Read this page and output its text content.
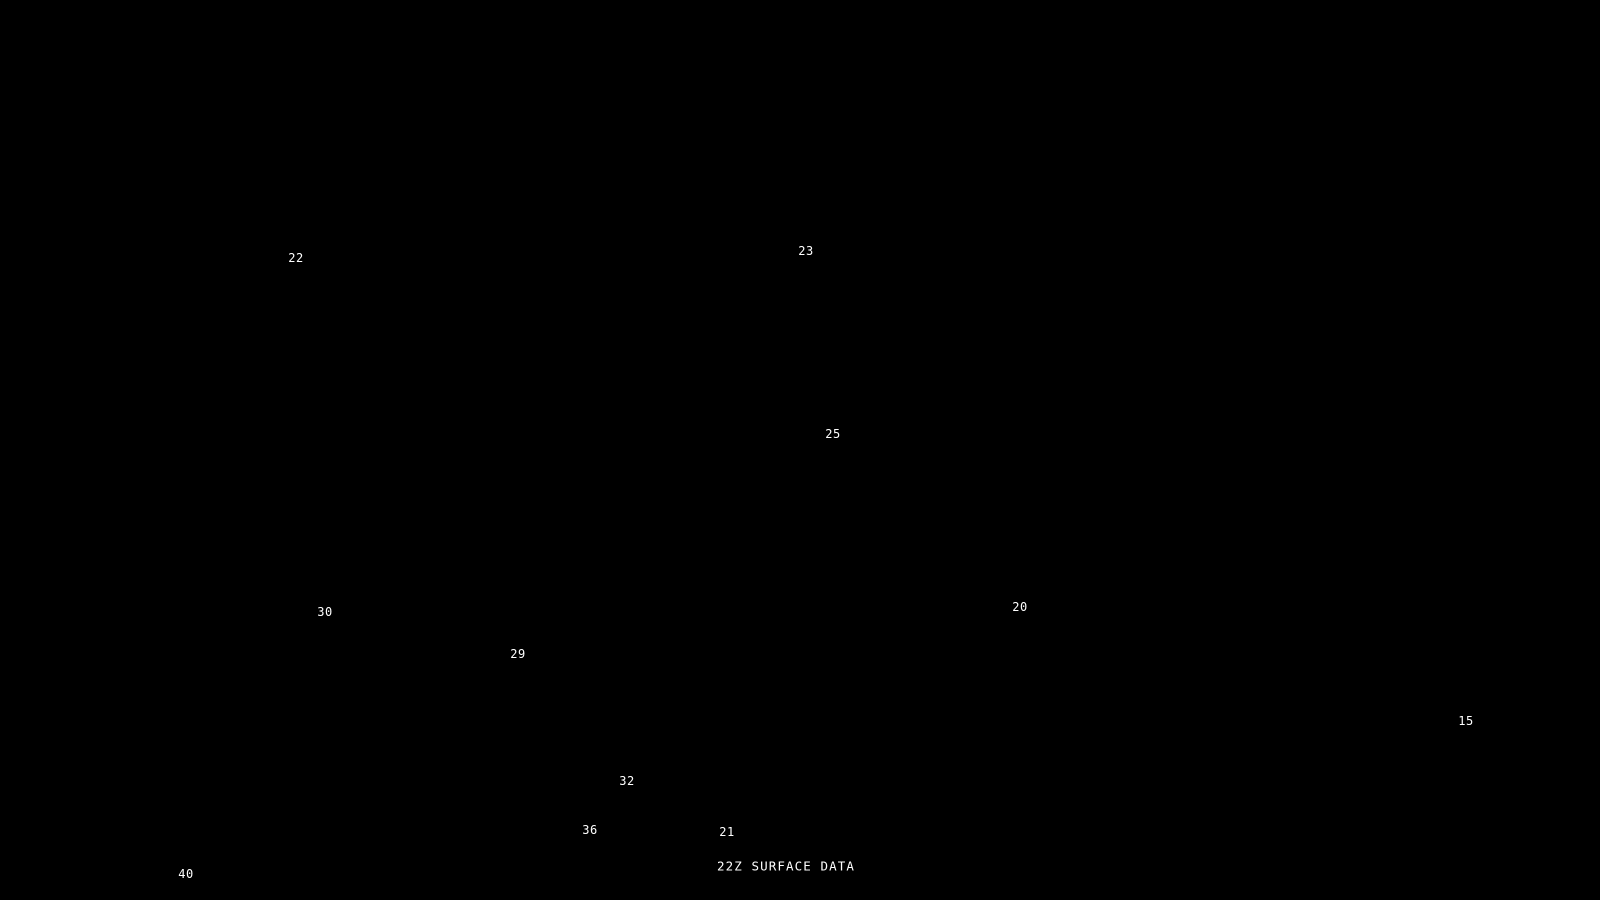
22	23
25
30	20
29
15
32
36	21
40
22Z SURFACE DATA
